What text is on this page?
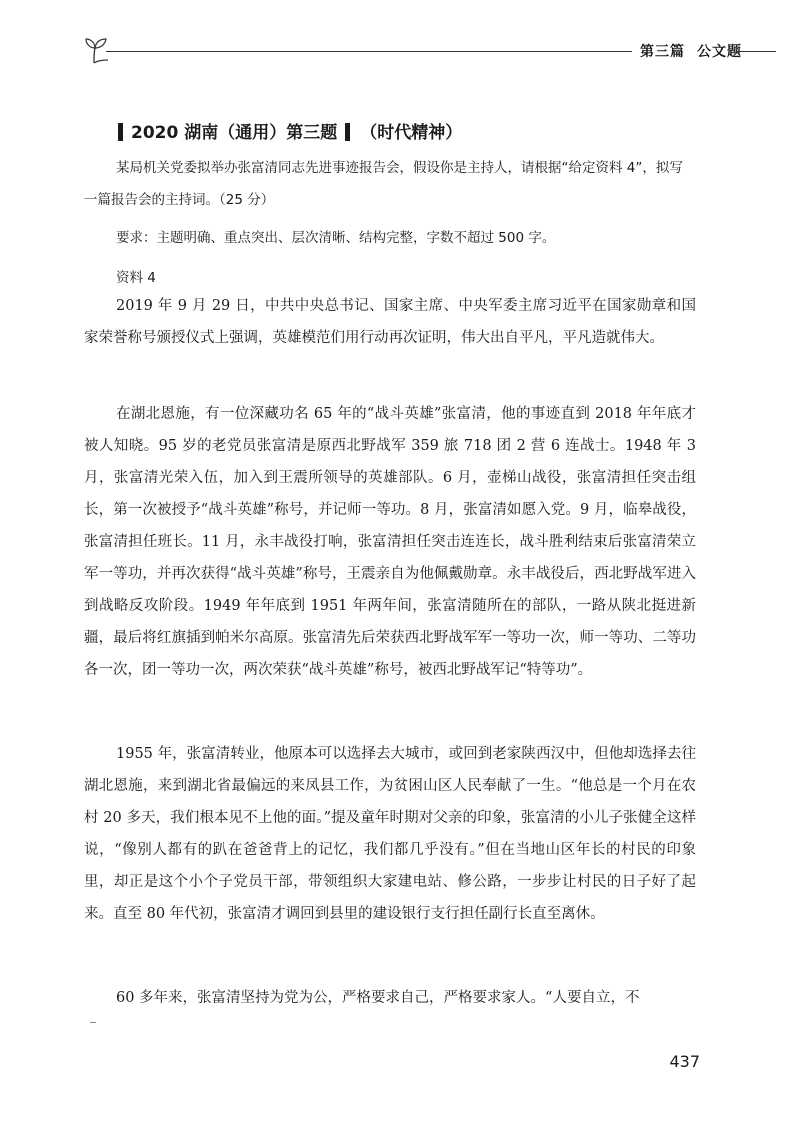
第三篇 公文题
2020 湖南（通用）第三题 （时代精神）
某局机关党委拟举办张富清同志先进事迹报告会，假设你是主持人，请根据“给定资料 4”，拟写一篇报告会的主持词。（25 分）
要求：主题明确、重点突出、层次清晰、结构完整，字数不超过 500 字。
资料 4
2019 年 9 月 29 日，中共中央总书记、国家主席、中央军委主席习近平在国家勋章和国家荣誉称号颁授仪式上强调，英雄模范们用行动再次证明，伟大出自平凡，平凡造就伟大。
在湖北恩施，有一位深藏功名 65 年的“战斗英雄”张富清，他的事迹直到 2018 年年底才被人知晓。95 岁的老党员张富清是原西北野战军 359 旅 718 团 2 营 6 连战士。1948 年 3 月，张富清光荣入伍，加入到王震所领导的英雄部队。6 月，壶梯山战役，张富清担任突击组长，第一次被授予“战斗英雄”称号，并记师一等功。8 月，张富清如愿入党。9 月，临皋战役，张富清担任班长。11 月，永丰战役打响，张富清担任突击连连长，战斗胜利结束后张富清荣立军一等功，并再次获得“战斗英雄”称号，王震亲自为他佩戴勋章。永丰战役后，西北野战军进入到战略反攻阶段。1949 年年底到 1951 年两年间，张富清随所在的部队，一路从陕北挺进新疆，最后将红旗插到帕米尔高原。张富清先后荣获西北野战军军一等功一次，师一等功、二等功各一次，团一等功一次，两次荣获“战斗英雄”称号，被西北野战军记“特等功”。
1955 年，张富清转业，他原本可以选择去大城市，或回到老家陕西汉中，但他却选择去往湖北恩施，来到湖北省最偏远的来凤县工作，为贫困山区人民奉献了一生。“他总是一个月在农村 20 多天，我们根本见不上他的面。”提及童年时期对父亲的印象，张富清的小儿子张健全这样说，“像别人都有的趴在爸爸背上的记忆，我们都几乎没有。”但在当地山区年长的村民的印象里，却正是这个小个子党员干部，带领组织大家建电站、修公路，一步步让村民的日子好了起来。直至 80 年代初，张富清才调回到县里的建设银行支行担任副行长直至离休。
60 多年来，张富清坚持为党为公，严格要求自己，严格要求家人。“人要自立，不
437
